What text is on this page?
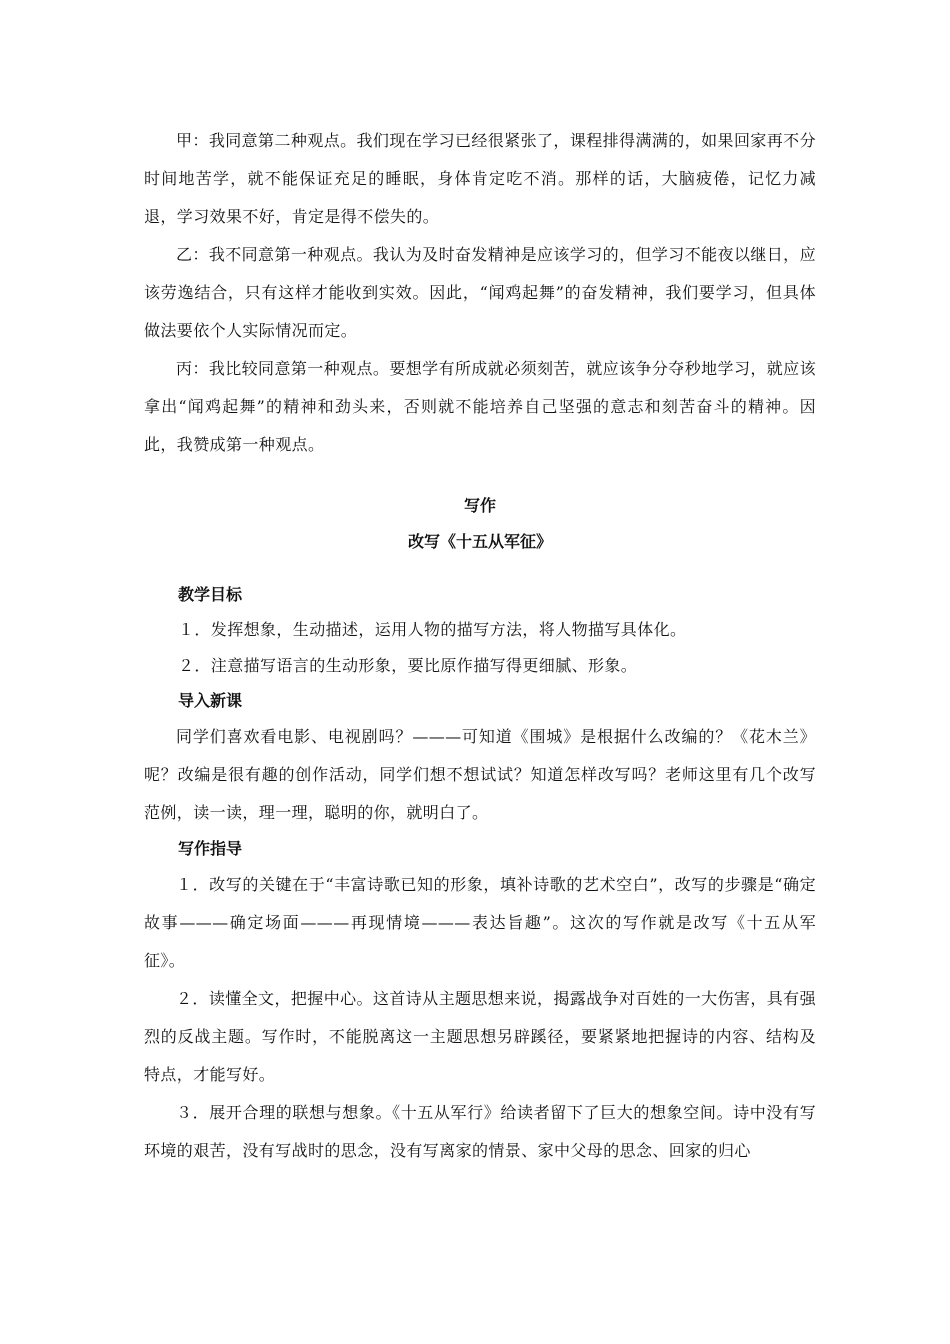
甲：我同意第二种观点。我们现在学习已经很紧张了，课程排得满满的，如果回家再不分时间地苦学，就不能保证充足的睡眠，身体肯定吃不消。那样的话，大脑疲倦，记忆力减退，学习效果不好，肯定是得不偿失的。

乙：我不同意第一种观点。我认为及时奋发精神是应该学习的，但学习不能夜以继日，应该劳逸结合，只有这样才能收到实效。因此，“闻鸡起舞”的奋发精神，我们要学习，但具体做法要依个人实际情况而定。

丙：我比较同意第一种观点。要想学有所成就必须刻苦，就应该争分夺秒地学习，就应该拿出“闻鸡起舞”的精神和劲头来，否则就不能培养自己坚强的意志和刻苦奋斗的精神。因此，我赞成第一种观点。

写作

改写《十五从军征》

教学目标

１．发挥想象，生动描述，运用人物的描写方法，将人物描写具体化。

２．注意描写语言的生动形象，要比原作描写得更细腻、形象。

导入新课

同学们喜欢看电影、电视剧吗？———可知道《围城》是根据什么改编的？《花木兰》呢？改编是很有趣的创作活动，同学们想不想试试？知道怎样改写吗？老师这里有几个改写范例，读一读，理一理，聪明的你，就明白了。

写作指导

１．改写的关键在于“丰富诗歌已知的形象，填补诗歌的艺术空白”，改写的步骤是“确定故事———确定场面———再现情境———表达旨趣”。这次的写作就是改写《十五从军征》。

２．读懂全文，把握中心。这首诗从主题思想来说，揭露战争对百姓的一大伤害，具有强烈的反战主题。写作时，不能脱离这一主题思想另辟蹊径，要紧紧地把握诗的内容、结构及特点，才能写好。

３．展开合理的联想与想象。《十五从军行》给读者留下了巨大的想象空间。诗中没有写环境的艰苦，没有写战时的思念，没有写离家的情景、家中父母的思念、回家的归心
